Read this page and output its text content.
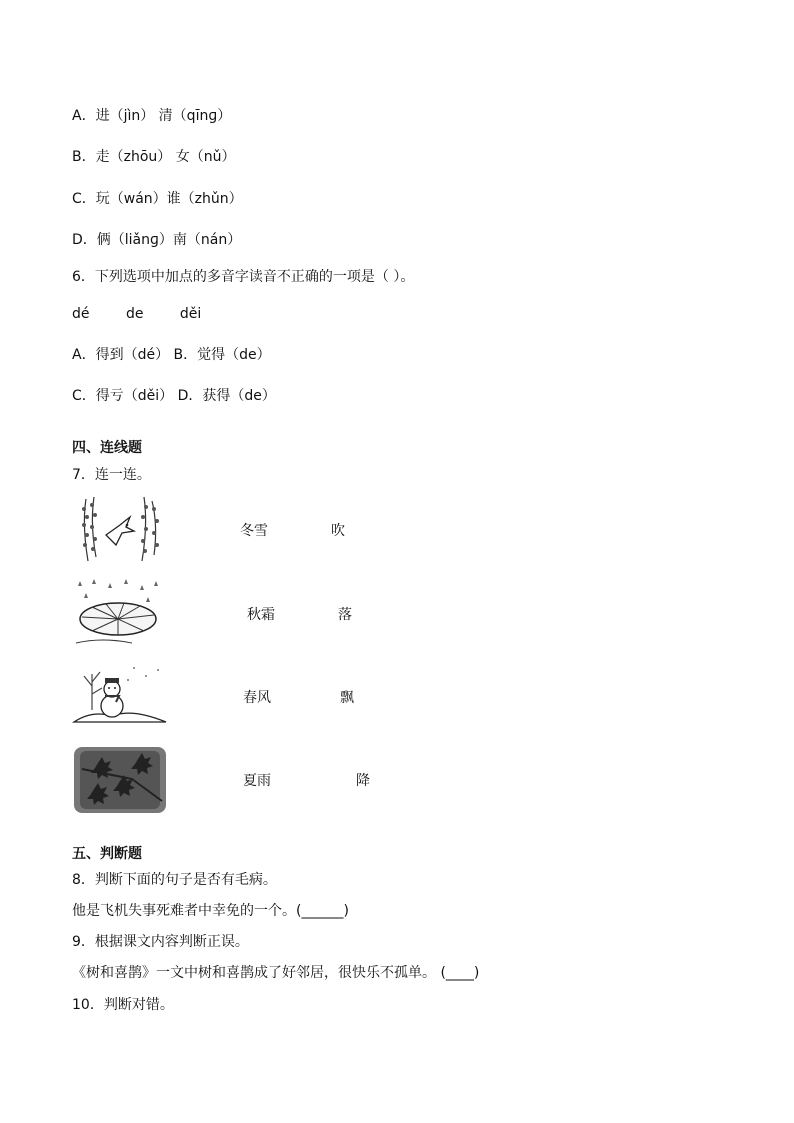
A．进（jìn） 清（qīnɡ）
B．走（zhōu） 女（nǔ）
C．玩（wán）谁（zhǔn）
D．俩（liǎnɡ）南（nán）
6．下列选项中加点的多音字读音不正确的一项是（ ）。
dé	de	děi
A．得到（dé） B．觉得（de）
C．得亏（děi） D．获得（de）
四、连线题
7．连一连。
冬雪	吹
秋霜	落
春风	飘
夏雨	降
五、判断题
8．判断下面的句子是否有毛病。
他是飞机失事死难者中幸免的一个。(______)
9．根据课文内容判断正误。
《树和喜鹊》一文中树和喜鹊成了好邻居，很快乐不孤单。 (____)
10．判断对错。
